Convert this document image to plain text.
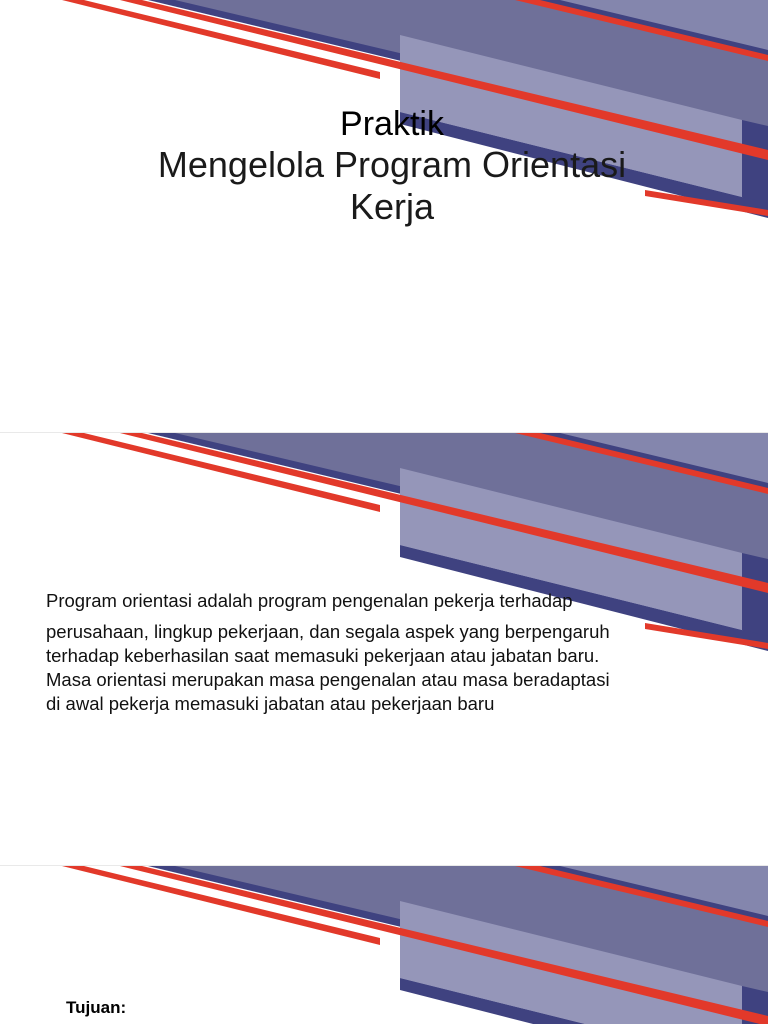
Praktik
Mengelola Program Orientasi
Kerja
Program orientasi adalah program pengenalan pekerja terhadap
perusahaan, lingkup pekerjaan, dan segala aspek yang berpengaruh
terhadap keberhasilan saat memasuki pekerjaan atau jabatan baru.
Masa orientasi merupakan masa pengenalan atau masa beradaptasi
di awal pekerja memasuki jabatan atau pekerjaan baru
Tujuan:
